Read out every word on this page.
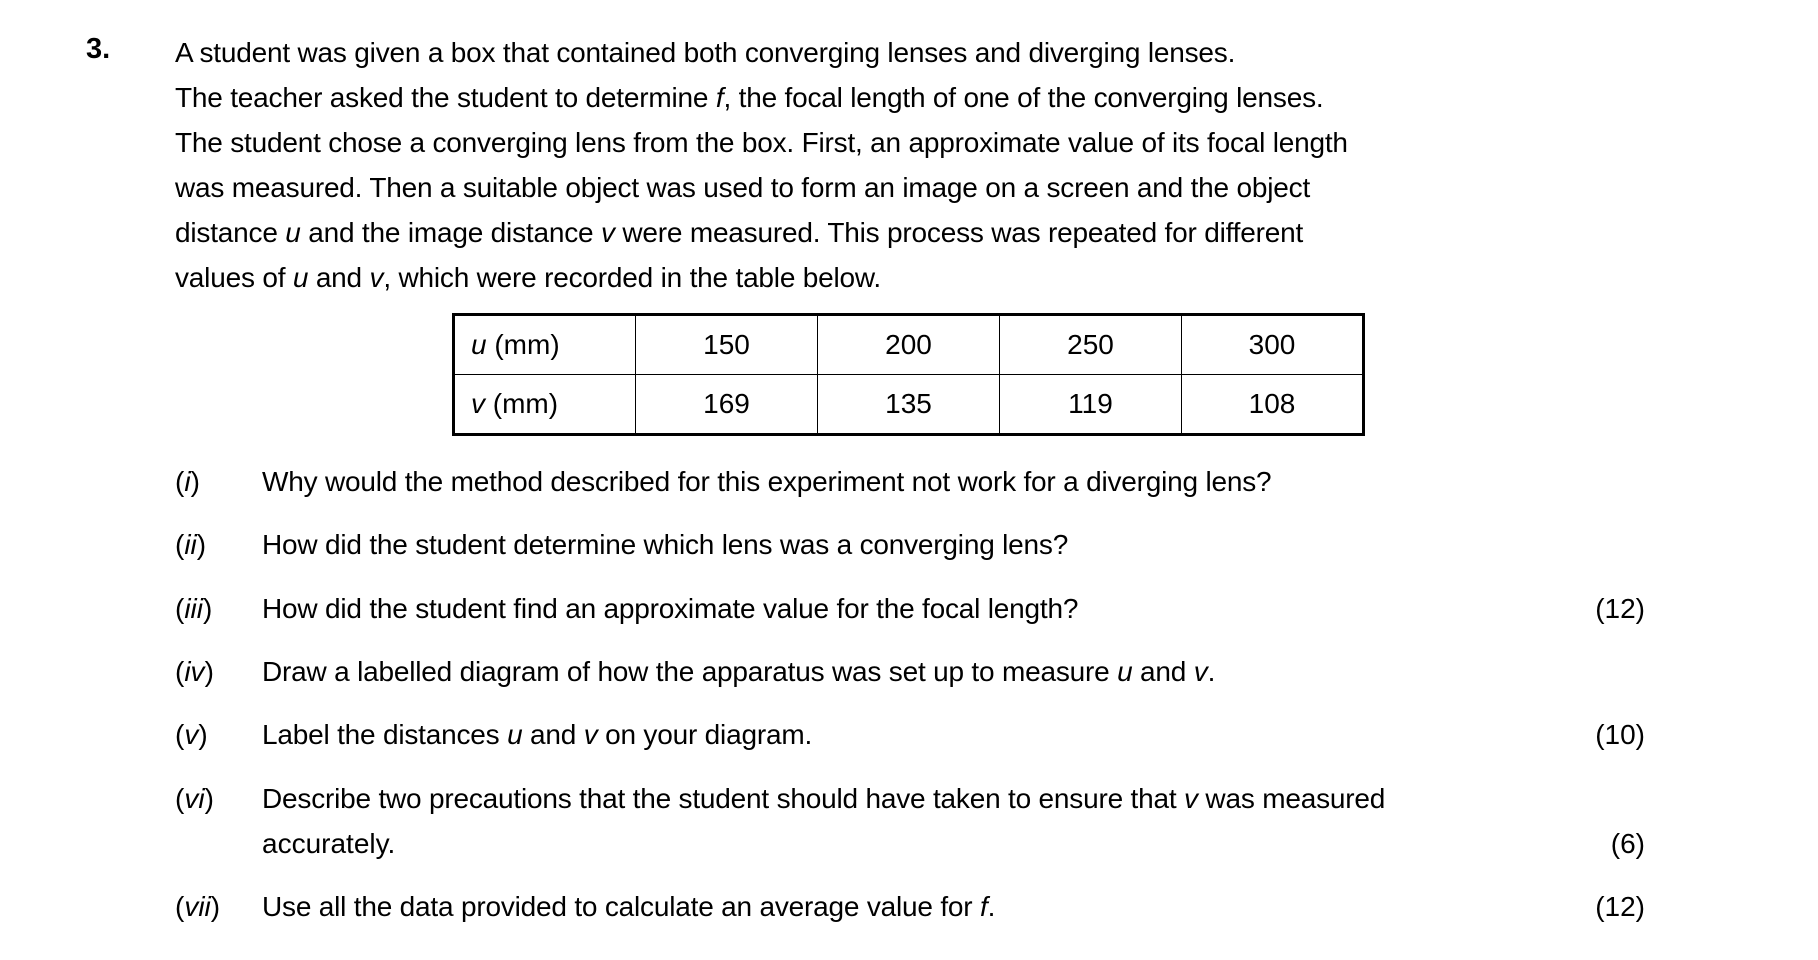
3. A student was given a box that contained both converging lenses and diverging lenses.
The teacher asked the student to determine f, the focal length of one of the converging lenses.
The student chose a converging lens from the box. First, an approximate value of its focal length
was measured. Then a suitable object was used to form an image on a screen and the object
distance u and the image distance v were measured. This process was repeated for different
values of u and v, which were recorded in the table below.
u (mm)	150	200	250	300
v (mm)	169	135	119	108
(i) Why would the method described for this experiment not work for a diverging lens?
(ii) How did the student determine which lens was a converging lens?
(iii) How did the student find an approximate value for the focal length?	(12)
(iv) Draw a labelled diagram of how the apparatus was set up to measure u and v.
(v) Label the distances u and v on your diagram.	(10)
(vi) Describe two precautions that the student should have taken to ensure that v was measured
accurately.	(6)
(vii) Use all the data provided to calculate an average value for f.	(12)
